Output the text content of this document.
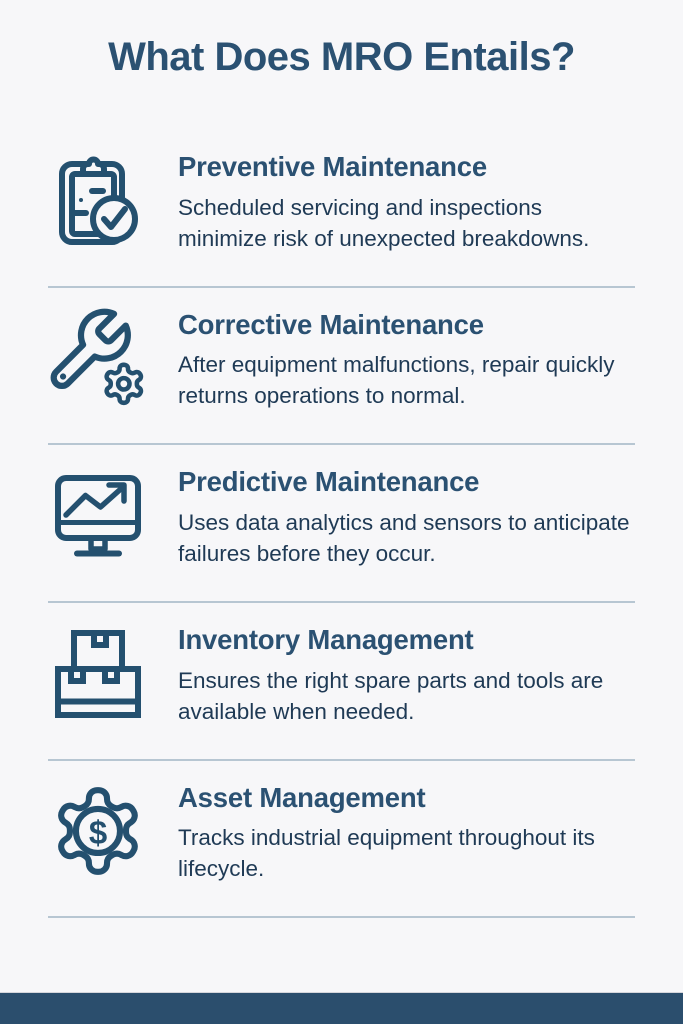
What Does MRO Entails?
Preventive Maintenance
Scheduled servicing and inspections minimize risk of unexpected breakdowns.
Corrective Maintenance
After equipment malfunctions, repair quickly returns operations to normal.
Predictive Maintenance
Uses data analytics and sensors to anticipate failures before they occur.
Inventory Management
Ensures the right spare parts and tools are available when needed.
$
Asset Management
Tracks industrial equipment throughout its lifecycle.
